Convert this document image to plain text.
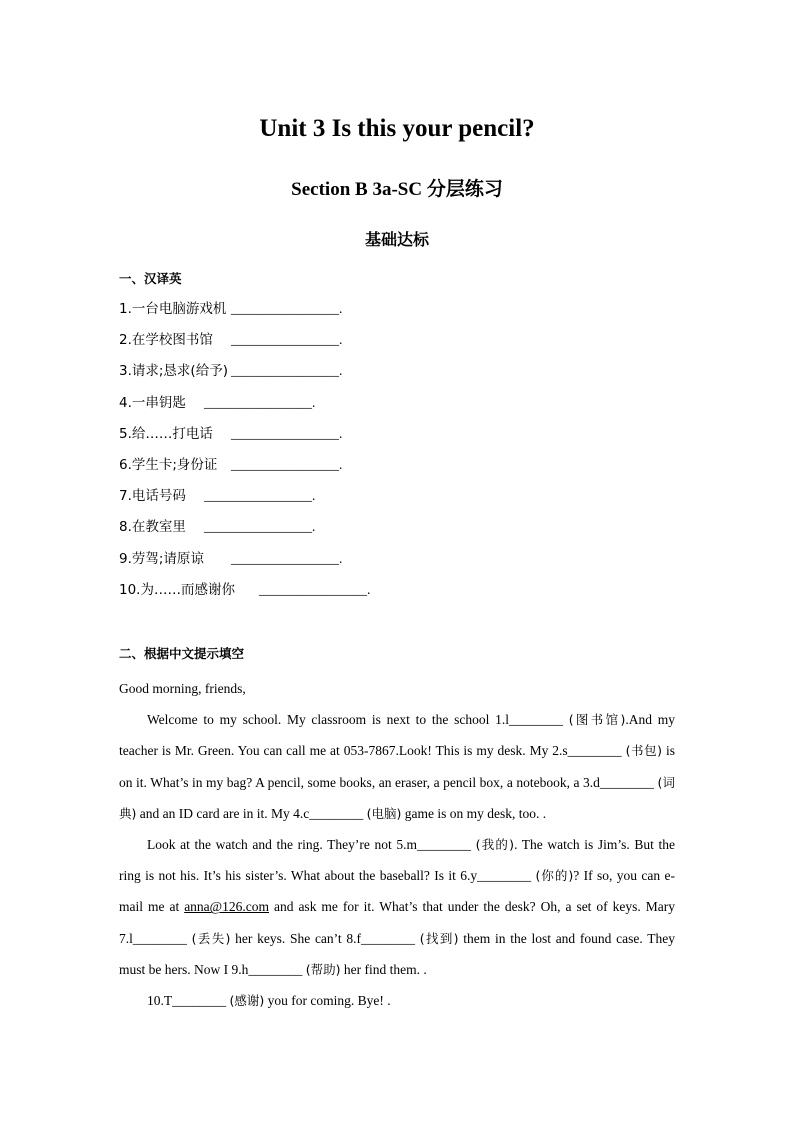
Unit 3 Is this your pencil?
Section B 3a-SC 分层练习
基础达标
一、汉译英
1.一台电脑游戏机 ________________.
2.在学校图书馆 ________________.
3.请求;恳求(给予) ________________.
4.一串钥匙 ________________.
5.给……打电话 ________________.
6.学生卡;身份证 ________________.
7.电话号码 ________________.
8.在教室里 ________________.
9.劳驾;请原谅 ________________.
10.为……而感谢你 ________________.
二、根据中文提示填空

Good morning, friends,

Welcome to my school. My classroom is next to the school 1.l________ (图书馆).And my teacher is Mr. Green. You can call me at 053-7867.Look! This is my desk. My 2.s________ (书包) is on it. What’s in my bag? A pencil, some books, an eraser, a pencil box, a notebook, a 3.d________ (词典) and an ID card are in it. My 4.c________ (电脑) game is on my desk, too. .

Look at the watch and the ring. They’re not 5.m________ (我的). The watch is Jim’s. But the ring is not his. It’s his sister’s. What about the baseball? Is it 6.y________ (你的)? If so, you can e-mail me at anna@126.com and ask me for it. What’s that under the desk? Oh, a set of keys. Mary 7.l________ (丢失) her keys. She can’t 8.f________ (找到) them in the lost and found case. They must be hers. Now I 9.h________ (帮助) her find them. .

10.T________ (感谢) you for coming. Bye! .
